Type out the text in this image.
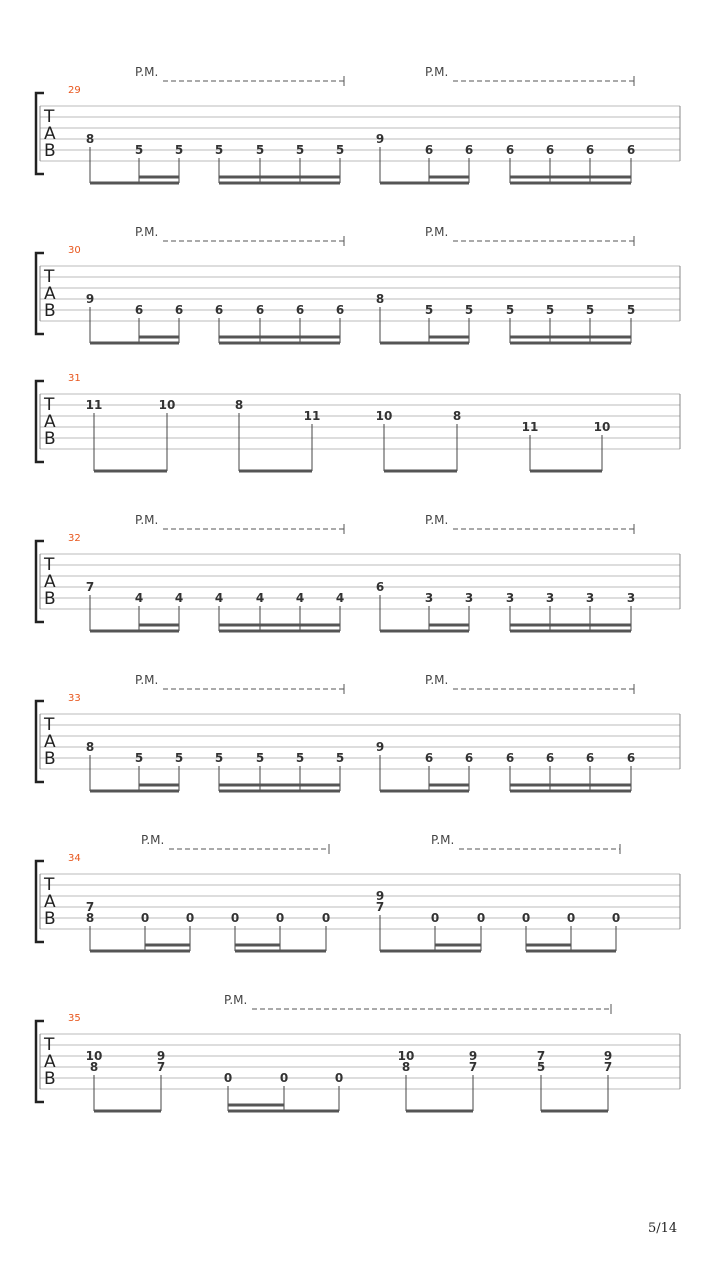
P.M.	P.M.
29
T
A
B
8
5	5	5	5	5	5
9
6	6	6	6	6	6
P.M.	P.M.
30
T
A
B
9
6	6	6	6	6	6
8
5	5	5	5	5	5
31
T
A
B
11	10	8
11	10	8
11	10
P.M.	P.M.
32
T
A
B
7
4	4	4	4	4	4
6
3	3	3	3	3	3
P.M.	P.M.
33
T
A
B
8
5	5	5	5	5	5
9
6	6	6	6	6	6
P.M.	P.M.
34
T
A
B
7
8	0	0	0	0	0
9
7
0	0	0	0	0
P.M.
35
T
A
B
10
8
9
7
0	0	0
10
8
9
7
7
5
9
7
5/14
